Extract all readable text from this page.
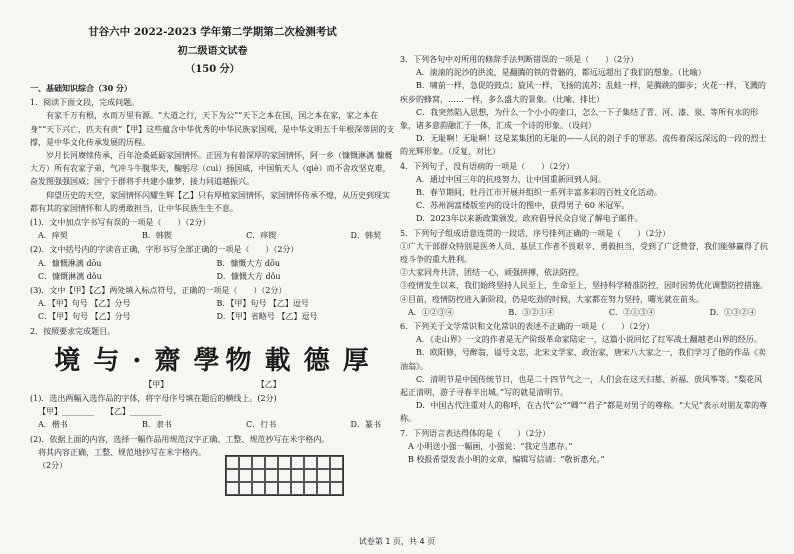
甘谷六中 2022-2023 学年第二学期第二次检测考试
初二级语文试卷
（150 分）
一、基础知识综合（30 分）
1．阅读下面文段，完成问题。
有家千万有根，水而万里有源。“大道之行，天下为公”“天下之本在国，国之本在家，家之本在身”“天下兴亡，匹夫有责”【甲】这些蕴含中华优秀的中华民族家国观，是中华文明五千年根深蒂固的支撑，是中华文化传承发展的历程。
岁月长河赓续传承，百年沧桑砥砺家国情怀。正因为有着深厚的家国情怀，阿一乡（慷慨淋漓 慷概大方）所有农家子弟，气冲斗牛腹华夫，鞠躬尽（cuì）扬国威，中国航天人（qiè）而不舍攻坚克难，奋发图强强国威；国宁于群将手共建小康梦，接力同追越振兴。
仰望历史的天空，家国情怀闪耀生辉【乙】只有厚植家国情怀，家国情怀传承不熄，从历史到现实都有其的家国情怀和人的勇敢担当，让中华民族生生不息。
(1)．文中加点字书写有误的一项是（　　）（2分）
A．痒契	B．韩锲	C．痒锲	D．韩契
(2)．文中括号内的字读音正确，字形书写全部正确的一项是（　　）（2分）
A．慷慨淋漓 dōu	B．慷慨大方 dōu
C．慷慨淋漓 dǒu	D．慷慨大方 dǒu
(3)．文中【甲】【乙】两处填入标点符号，正确的一项是（　　）（2分）
A．【甲】句号 【乙】分号	B．【甲】句号 【乙】逗号
C．【甲】句号 【乙】分号	D．【甲】省略号 【乙】逗号
2．按照要求完成题目。
境 与 · 齋 學 物 載 德 厚
【甲】	【乙】
(1)．选出两幅入选作品的字体，将字母序号填在题后的横线上。(2分)
【甲】________　　【乙】________
A．楷书	B．隶书	C．行书	D．篆书
(2)．依据上面的内容，选择一幅作品用规范汉字正确、工整、规范抄写在米字格内。
将其内容正确，工整、规范地抄写在米字格内。
（2分）
3．下列各句中对所用的修辞手法判断错误的一项是（　　）（2分）
A．滚滚的泥沙的洪流，是翻腾的铁的骨骼的，都远远超出了我们的想象。（比喻）
B．啸前一样，急促的鼓点；旋风一样，飞扬的流苏；乱蛙一样，是腾跳的脚步；火花一样，飞溅的疾步的蜂窝，……一样，多么盛大的景象。（比喻、排比）
C．我突然陷入思想，为什么一个小小的壶口，怎么一下子集结了青、河、漆、泉、等所有水的形象，诸多意韵融汇于一体，汇成一个诗的形象。（设问）
D．无耻啊！无耻啊！这是某集团的无耻的——人民的刽子手的罪恶。流传着深远深远的一段的烈士的光辉形象。（反复、对比）
4．下列句子，没有语病的一项是（　　）（2分）
A．通过中国三年的抗疫努力，让中国重新回到人间。
B．春节期间，牡丹江市开展并组织一系列丰富多彩的百姓文化活动。
C．苏州润富楼版室内的设计的图中，获得男子 60 米冠军。
D．2023年以来新政策颁发，政府倡导民众自觉了解电子邮件。
5．下列句子组成语意连贯的一段话，序号排列正确的一项是（　　）（2分）
①广大干部群众特别是医务人员、基层工作者不畏艰辛、勇毅担当，受到了广泛赞誉，我们能够赢得了抗疫斗争的重大胜利。
②大家同舟共济，团结一心，顽强拼搏，依法防控。
③疫情发生以来，我们始终坚持人民至上，生命至上，坚持科学精准防控，因时因势优化调整防控措施。
④目前，疫情防控进入新阶段，仍是吃劲的时候，大家都在努力坚持，曙光就在前头。
A．①②③④	B．③②①④	C．②①③④	D．①③②④
6．下列关于文学常识和文化常识的表述不正确的一项是（　　）（2分）
A．《走山界》一文的作者是无产阶级革命家陆定一，这篇小说回忆了红军战士翻越老山界的经历。
B．欧阳修，号醉翁，谥号文忠，北宋文学家、政治家，唐宋八大家之一，我们学习了他的作品《卖油翁》。
C．清明节是中国传统节日，也是二十四节气之一，人们会在这天扫墓、祈福、放风筝等。“梨花风起正清明，游子寻春半出城。”写的就是清明节。
D．中国古代注重对人的称呼，在古代“公”“卿”“君子”都是对男子的尊称。“大兄”表示对朋友辈的尊称。
7．下列语言表达得体的是（　　）（2分）
A 小明送小强一幅画，小强说：“我定当惠存。”
B 校报希望发表小明的文章，编辑写信请：“敬祈惠允。”
试卷第 1 页，共 4 页
